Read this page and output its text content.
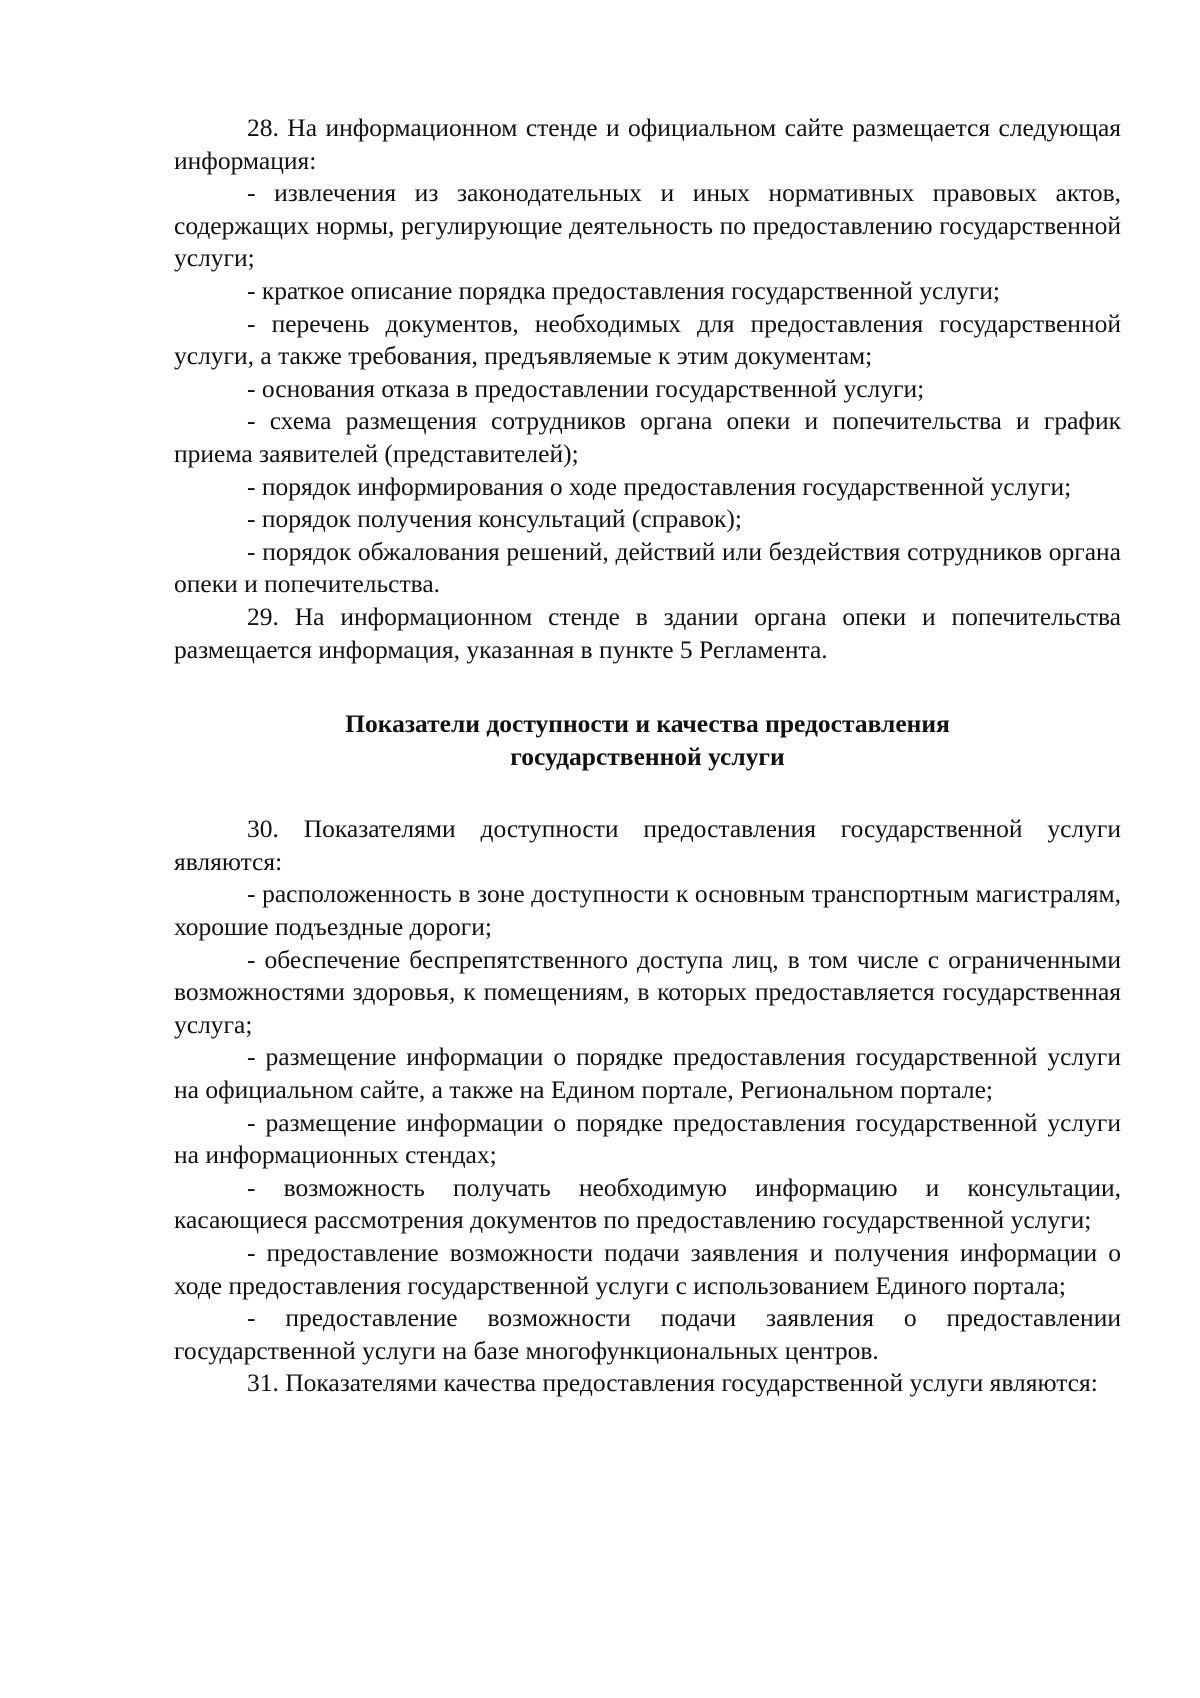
28. На информационном стенде и официальном сайте размещается следующая информация:

- извлечения из законодательных и иных нормативных правовых актов, содержащих нормы, регулирующие деятельность по предоставлению государственной услуги;

- краткое описание порядка предоставления государственной услуги;

- перечень документов, необходимых для предоставления государственной услуги, а также требования, предъявляемые к этим документам;

- основания отказа в предоставлении государственной услуги;

- схема размещения сотрудников органа опеки и попечительства и график приема заявителей (представителей);

- порядок информирования о ходе предоставления государственной услуги;

- порядок получения консультаций (справок);

- порядок обжалования решений, действий или бездействия сотрудников органа опеки и попечительства.

29. На информационном стенде в здании органа опеки и попечительства размещается информация, указанная в пункте 5 Регламента.

Показатели доступности и качества предоставления
государственной услуги

30. Показателями доступности предоставления государственной услуги являются:

- расположенность в зоне доступности к основным транспортным магистралям, хорошие подъездные дороги;

- обеспечение беспрепятственного доступа лиц, в том числе с ограниченными возможностями здоровья, к помещениям, в которых предоставляется государственная услуга;

- размещение информации о порядке предоставления государственной услуги на официальном сайте, а также на Едином портале, Региональном портале;

- размещение информации о порядке предоставления государственной услуги на информационных стендах;

- возможность получать необходимую информацию и консультации, касающиеся рассмотрения документов по предоставлению государственной услуги;

- предоставление возможности подачи заявления и получения информации о ходе предоставления государственной услуги с использованием Единого портала;

- предоставление возможности подачи заявления о предоставлении государственной услуги на базе многофункциональных центров.

31. Показателями качества предоставления государственной услуги являются:
